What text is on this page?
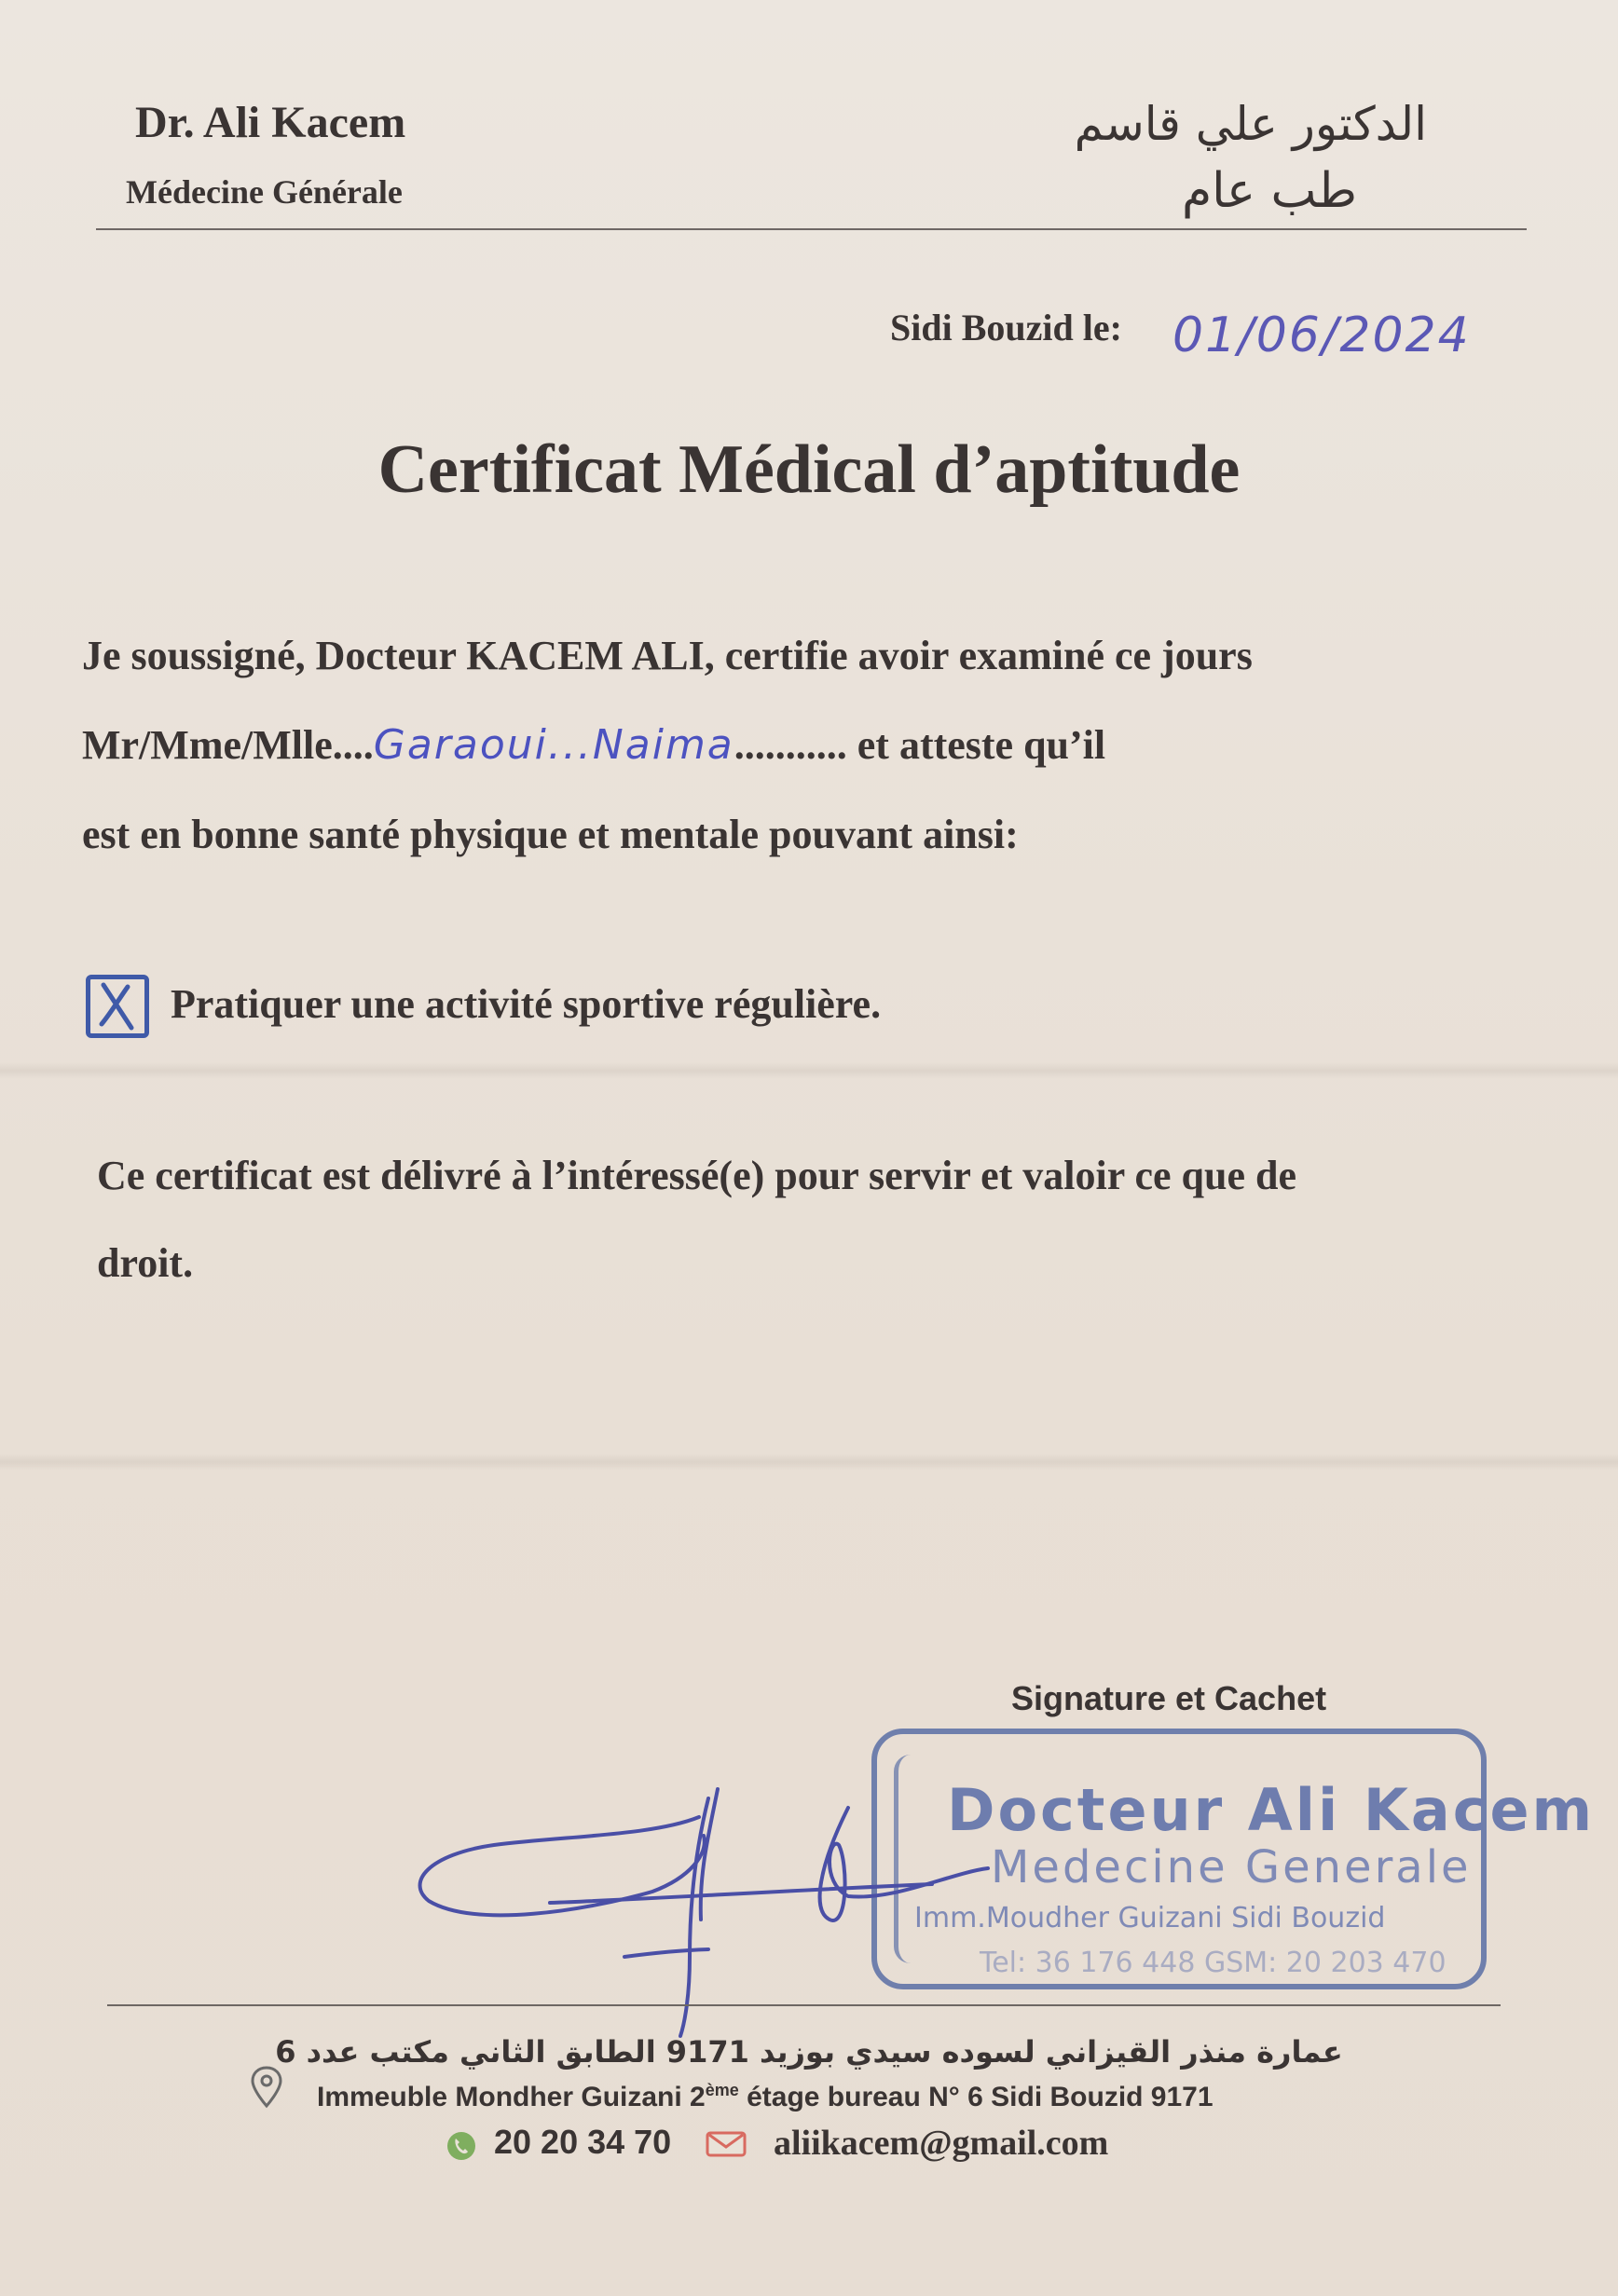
Dr. Ali Kacem
Médecine Générale
الدكتور علي قاسم
طب عام
Sidi Bouzid le: 01/06/2024
Certificat Médical d’aptitude
Je soussigné, Docteur KACEM ALI, certifie avoir examiné ce jours
Mr/Mme/Mlle....Garaoui...Naima........... et atteste qu’il
est en bonne santé physique et mentale pouvant ainsi:
Pratiquer une activité sportive régulière.
Ce certificat est délivré à l’intéressé(e) pour servir et valoir ce que de
droit.
Signature et Cachet
Docteur Ali Kacem
Medecine Generale
Imm.Moudher Guizani Sidi Bouzid
Tel: 36 176 448 GSM: 20 203 470
عمارة منذر القيزاني لسوده سيدي بوزيد 9171 الطابق الثاني مكتب عدد 6
Immeuble Mondher Guizani 2ème étage bureau N° 6 Sidi Bouzid 9171
20 20 34 70	aliikacem@gmail.com
